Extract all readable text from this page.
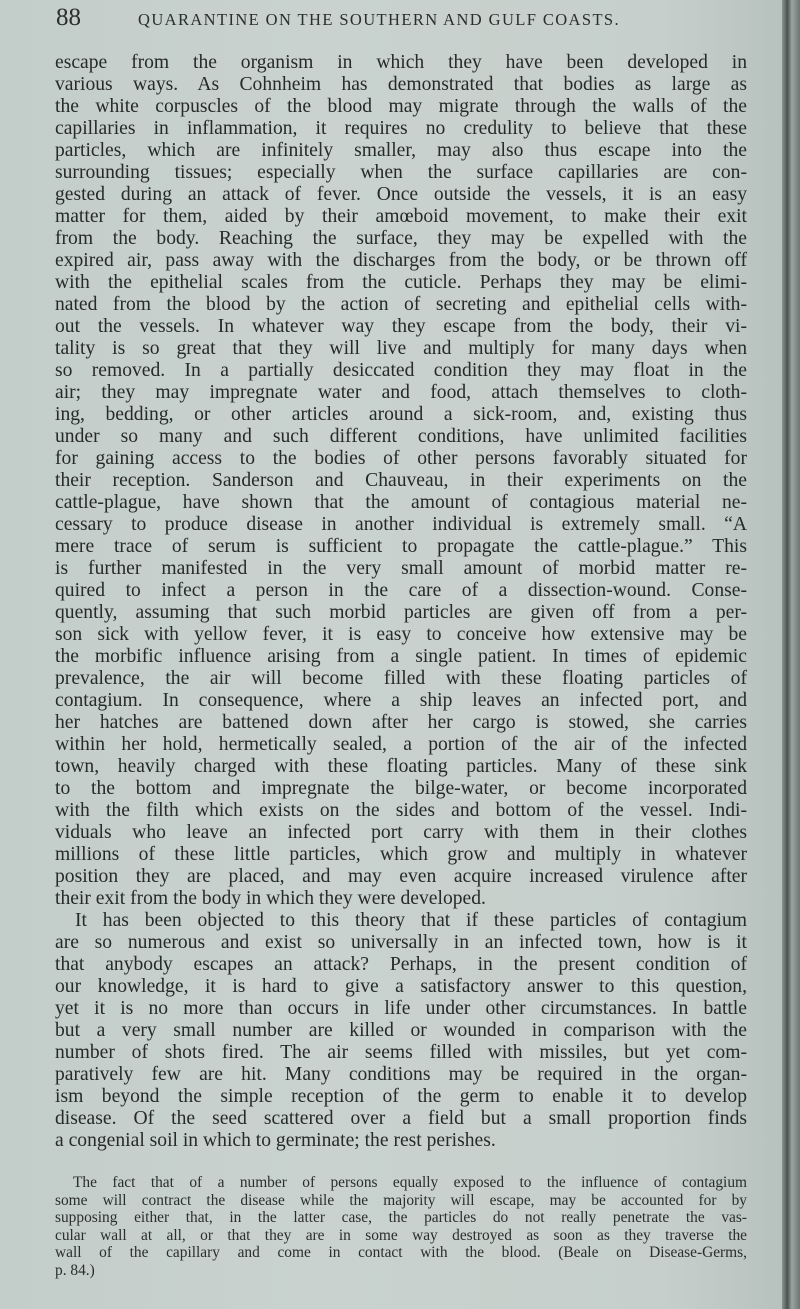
88	QUARANTINE ON THE SOUTHERN AND GULF COASTS.
escape from the organism in which they have been developed in
various ways. As Cohnheim has demonstrated that bodies as large as
the white corpuscles of the blood may migrate through the walls of the
capillaries in inflammation, it requires no credulity to believe that these
particles, which are infinitely smaller, may also thus escape into the
surrounding tissues; especially when the surface capillaries are con-
gested during an attack of fever. Once outside the vessels, it is an easy
matter for them, aided by their amœboid movement, to make their exit
from the body. Reaching the surface, they may be expelled with the
expired air, pass away with the discharges from the body, or be thrown off
with the epithelial scales from the cuticle. Perhaps they may be elimi-
nated from the blood by the action of secreting and epithelial cells with-
out the vessels. In whatever way they escape from the body, their vi-
tality is so great that they will live and multiply for many days when
so removed. In a partially desiccated condition they may float in the
air; they may impregnate water and food, attach themselves to cloth-
ing, bedding, or other articles around a sick-room, and, existing thus
under so many and such different conditions, have unlimited facilities
for gaining access to the bodies of other persons favorably situated for
their reception. Sanderson and Chauveau, in their experiments on the
cattle-plague, have shown that the amount of contagious material ne-
cessary to produce disease in another individual is extremely small. “A
mere trace of serum is sufficient to propagate the cattle-plague.” This
is further manifested in the very small amount of morbid matter re-
quired to infect a person in the care of a dissection-wound. Conse-
quently, assuming that such morbid particles are given off from a per-
son sick with yellow fever, it is easy to conceive how extensive may be
the morbific influence arising from a single patient. In times of epidemic
prevalence, the air will become filled with these floating particles of
contagium. In consequence, where a ship leaves an infected port, and
her hatches are battened down after her cargo is stowed, she carries
within her hold, hermetically sealed, a portion of the air of the infected
town, heavily charged with these floating particles. Many of these sink
to the bottom and impregnate the bilge-water, or become incorporated
with the filth which exists on the sides and bottom of the vessel. Indi-
viduals who leave an infected port carry with them in their clothes
millions of these little particles, which grow and multiply in whatever
position they are placed, and may even acquire increased virulence after
their exit from the body in which they were developed.
It has been objected to this theory that if these particles of contagium
are so numerous and exist so universally in an infected town, how is it
that anybody escapes an attack? Perhaps, in the present condition of
our knowledge, it is hard to give a satisfactory answer to this question,
yet it is no more than occurs in life under other circumstances. In battle
but a very small number are killed or wounded in comparison with the
number of shots fired. The air seems filled with missiles, but yet com-
paratively few are hit. Many conditions may be required in the organ-
ism beyond the simple reception of the germ to enable it to develop
disease. Of the seed scattered over a field but a small proportion finds
a congenial soil in which to germinate; the rest perishes.
The fact that of a number of persons equally exposed to the influence of contagium
some will contract the disease while the majority will escape, may be accounted for by
supposing either that, in the latter case, the particles do not really penetrate the vas-
cular wall at all, or that they are in some way destroyed as soon as they traverse the
wall of the capillary and come in contact with the blood. (Beale on Disease-Germs,
p. 84.)
